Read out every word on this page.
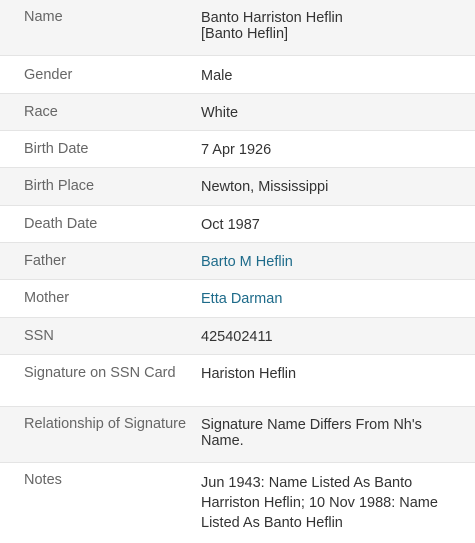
Name	Banto Harriston Heflin
[Banto Heflin]

Gender	Male
Race	White
Birth Date	7 Apr 1926
Birth Place	Newton, Mississippi
Death Date	Oct 1987
Father	Barto M Heflin
Mother	Etta Darman
SSN	425402411
Signature on SSN Card	Hariston Heflin
Relationship of Signature	Signature Name Differs From Nh's Name.
Notes	Jun 1943: Name Listed As Banto Harriston Heflin; 10 Nov 1988: Name Listed As Banto Heflin
